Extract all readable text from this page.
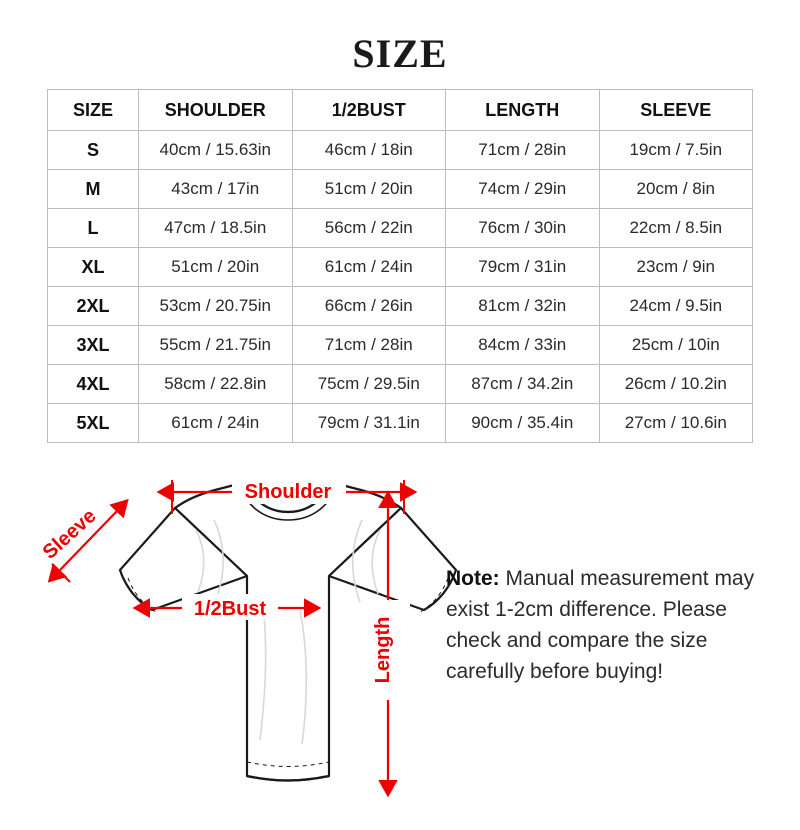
SIZE
SIZE	SHOULDER	1/2BUST	LENGTH	SLEEVE
S	40cm / 15.63in	46cm / 18in	71cm / 28in	19cm / 7.5in
M	43cm / 17in	51cm / 20in	74cm / 29in	20cm / 8in
L	47cm / 18.5in	56cm / 22in	76cm / 30in	22cm / 8.5in
XL	51cm / 20in	61cm / 24in	79cm / 31in	23cm / 9in
2XL	53cm / 20.75in	66cm / 26in	81cm / 32in	24cm / 9.5in
3XL	55cm / 21.75in	71cm / 28in	84cm / 33in	25cm / 10in
4XL	58cm / 22.8in	75cm / 29.5in	87cm / 34.2in	26cm / 10.2in
5XL	61cm / 24in	79cm / 31.1in	90cm / 35.4in	27cm / 10.6in
Shoulder
Sleeve
1/2Bust
Length
Note: Manual measurement may exist 1-2cm difference. Please check and compare the size carefully before buying!
